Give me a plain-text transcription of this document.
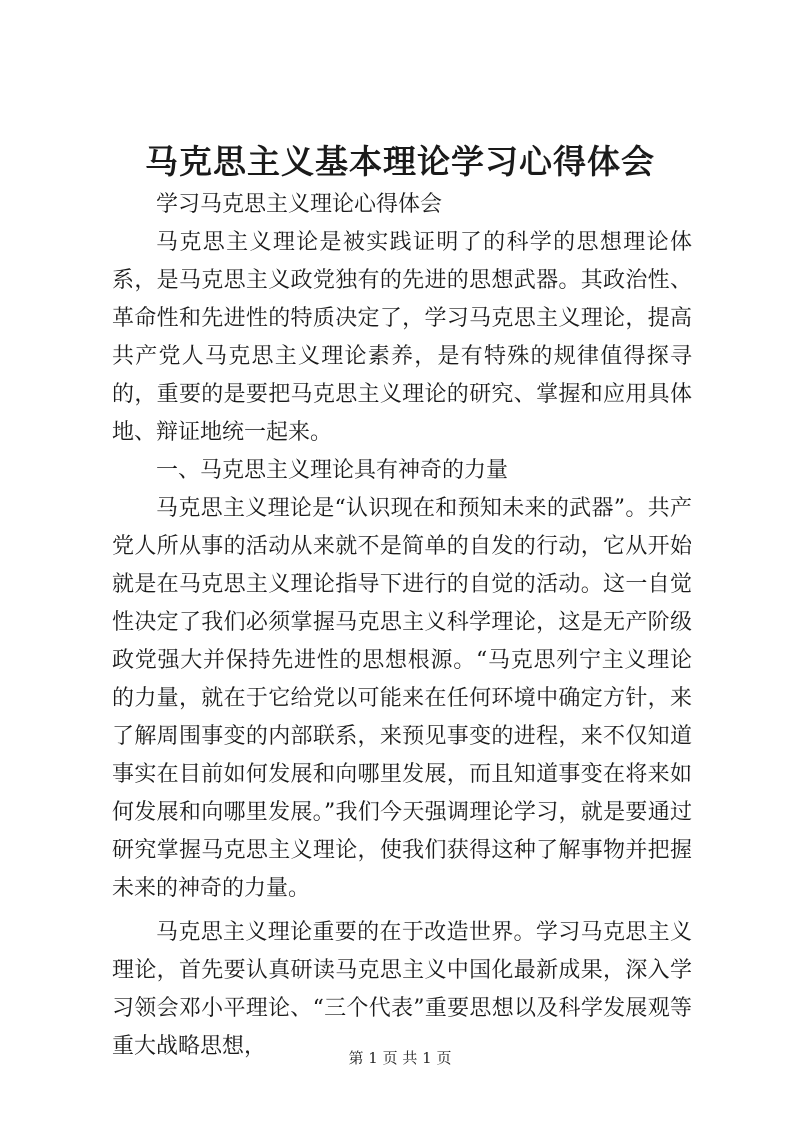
马克思主义基本理论学习心得体会

学习马克思主义理论心得体会

马克思主义理论是被实践证明了的科学的思想理论体系，是马克思主义政党独有的先进的思想武器。其政治性、革命性和先进性的特质决定了，学习马克思主义理论，提高共产党人马克思主义理论素养，是有特殊的规律值得探寻的，重要的是要把马克思主义理论的研究、掌握和应用具体地、辩证地统一起来。

一、马克思主义理论具有神奇的力量

马克思主义理论是“认识现在和预知未来的武器”。共产党人所从事的活动从来就不是简单的自发的行动，它从开始就是在马克思主义理论指导下进行的自觉的活动。这一自觉性决定了我们必须掌握马克思主义科学理论，这是无产阶级政党强大并保持先进性的思想根源。“马克思列宁主义理论的力量，就在于它给党以可能来在任何环境中确定方针，来了解周围事变的内部联系，来预见事变的进程，来不仅知道事实在目前如何发展和向哪里发展，而且知道事变在将来如何发展和向哪里发展。”我们今天强调理论学习，就是要通过研究掌握马克思主义理论，使我们获得这种了解事物并把握未来的神奇的力量。

马克思主义理论重要的在于改造世界。学习马克思主义理论，首先要认真研读马克思主义中国化最新成果，深入学习领会邓小平理论、“三个代表”重要思想以及科学发展观等重大战略思想，	第 1 页 共 1 页
